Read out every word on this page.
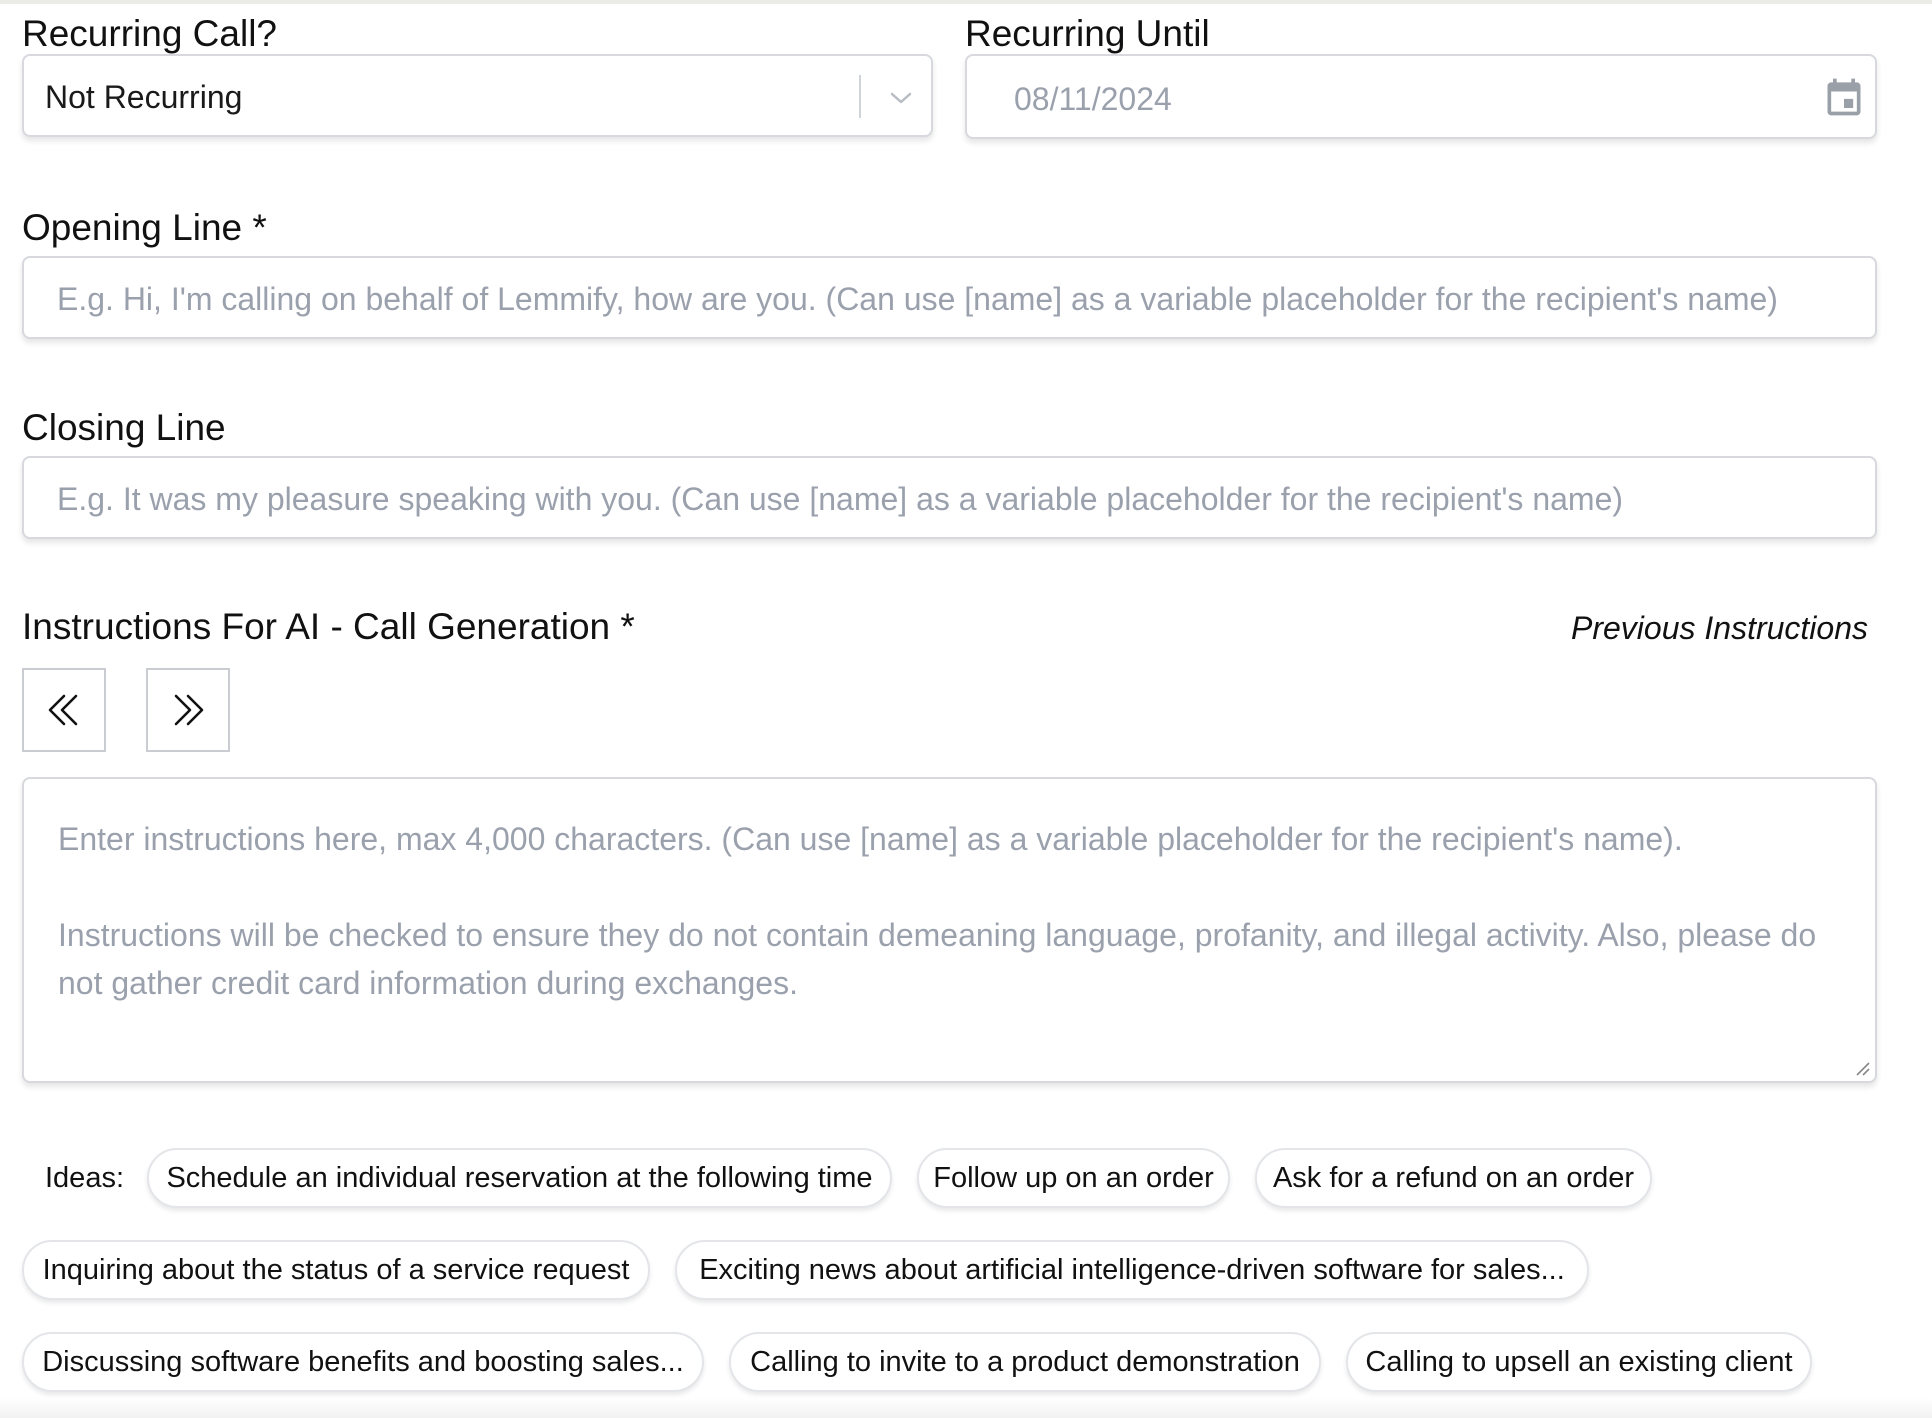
Recurring Call?
Not Recurring
Recurring Until
08/11/2024
Opening Line *
E.g. Hi, I'm calling on behalf of Lemmify, how are you. (Can use [name] as a variable placeholder for the recipient's name)
Closing Line
E.g. It was my pleasure speaking with you. (Can use [name] as a variable placeholder for the recipient's name)
Instructions For AI - Call Generation *	Previous Instructions

Enter instructions here, max 4,000 characters. (Can use [name] as a variable placeholder for the recipient's name).

Instructions will be checked to ensure they do not contain demeaning language, profanity, and illegal activity. Also, please do not gather credit card information during exchanges.

Ideas:	Schedule an individual reservation at the following time	Follow up on an order	Ask for a refund on an order
Inquiring about the status of a service request	Exciting news about artificial intelligence-driven software for sales...
Discussing software benefits and boosting sales...	Calling to invite to a product demonstration	Calling to upsell an existing client
